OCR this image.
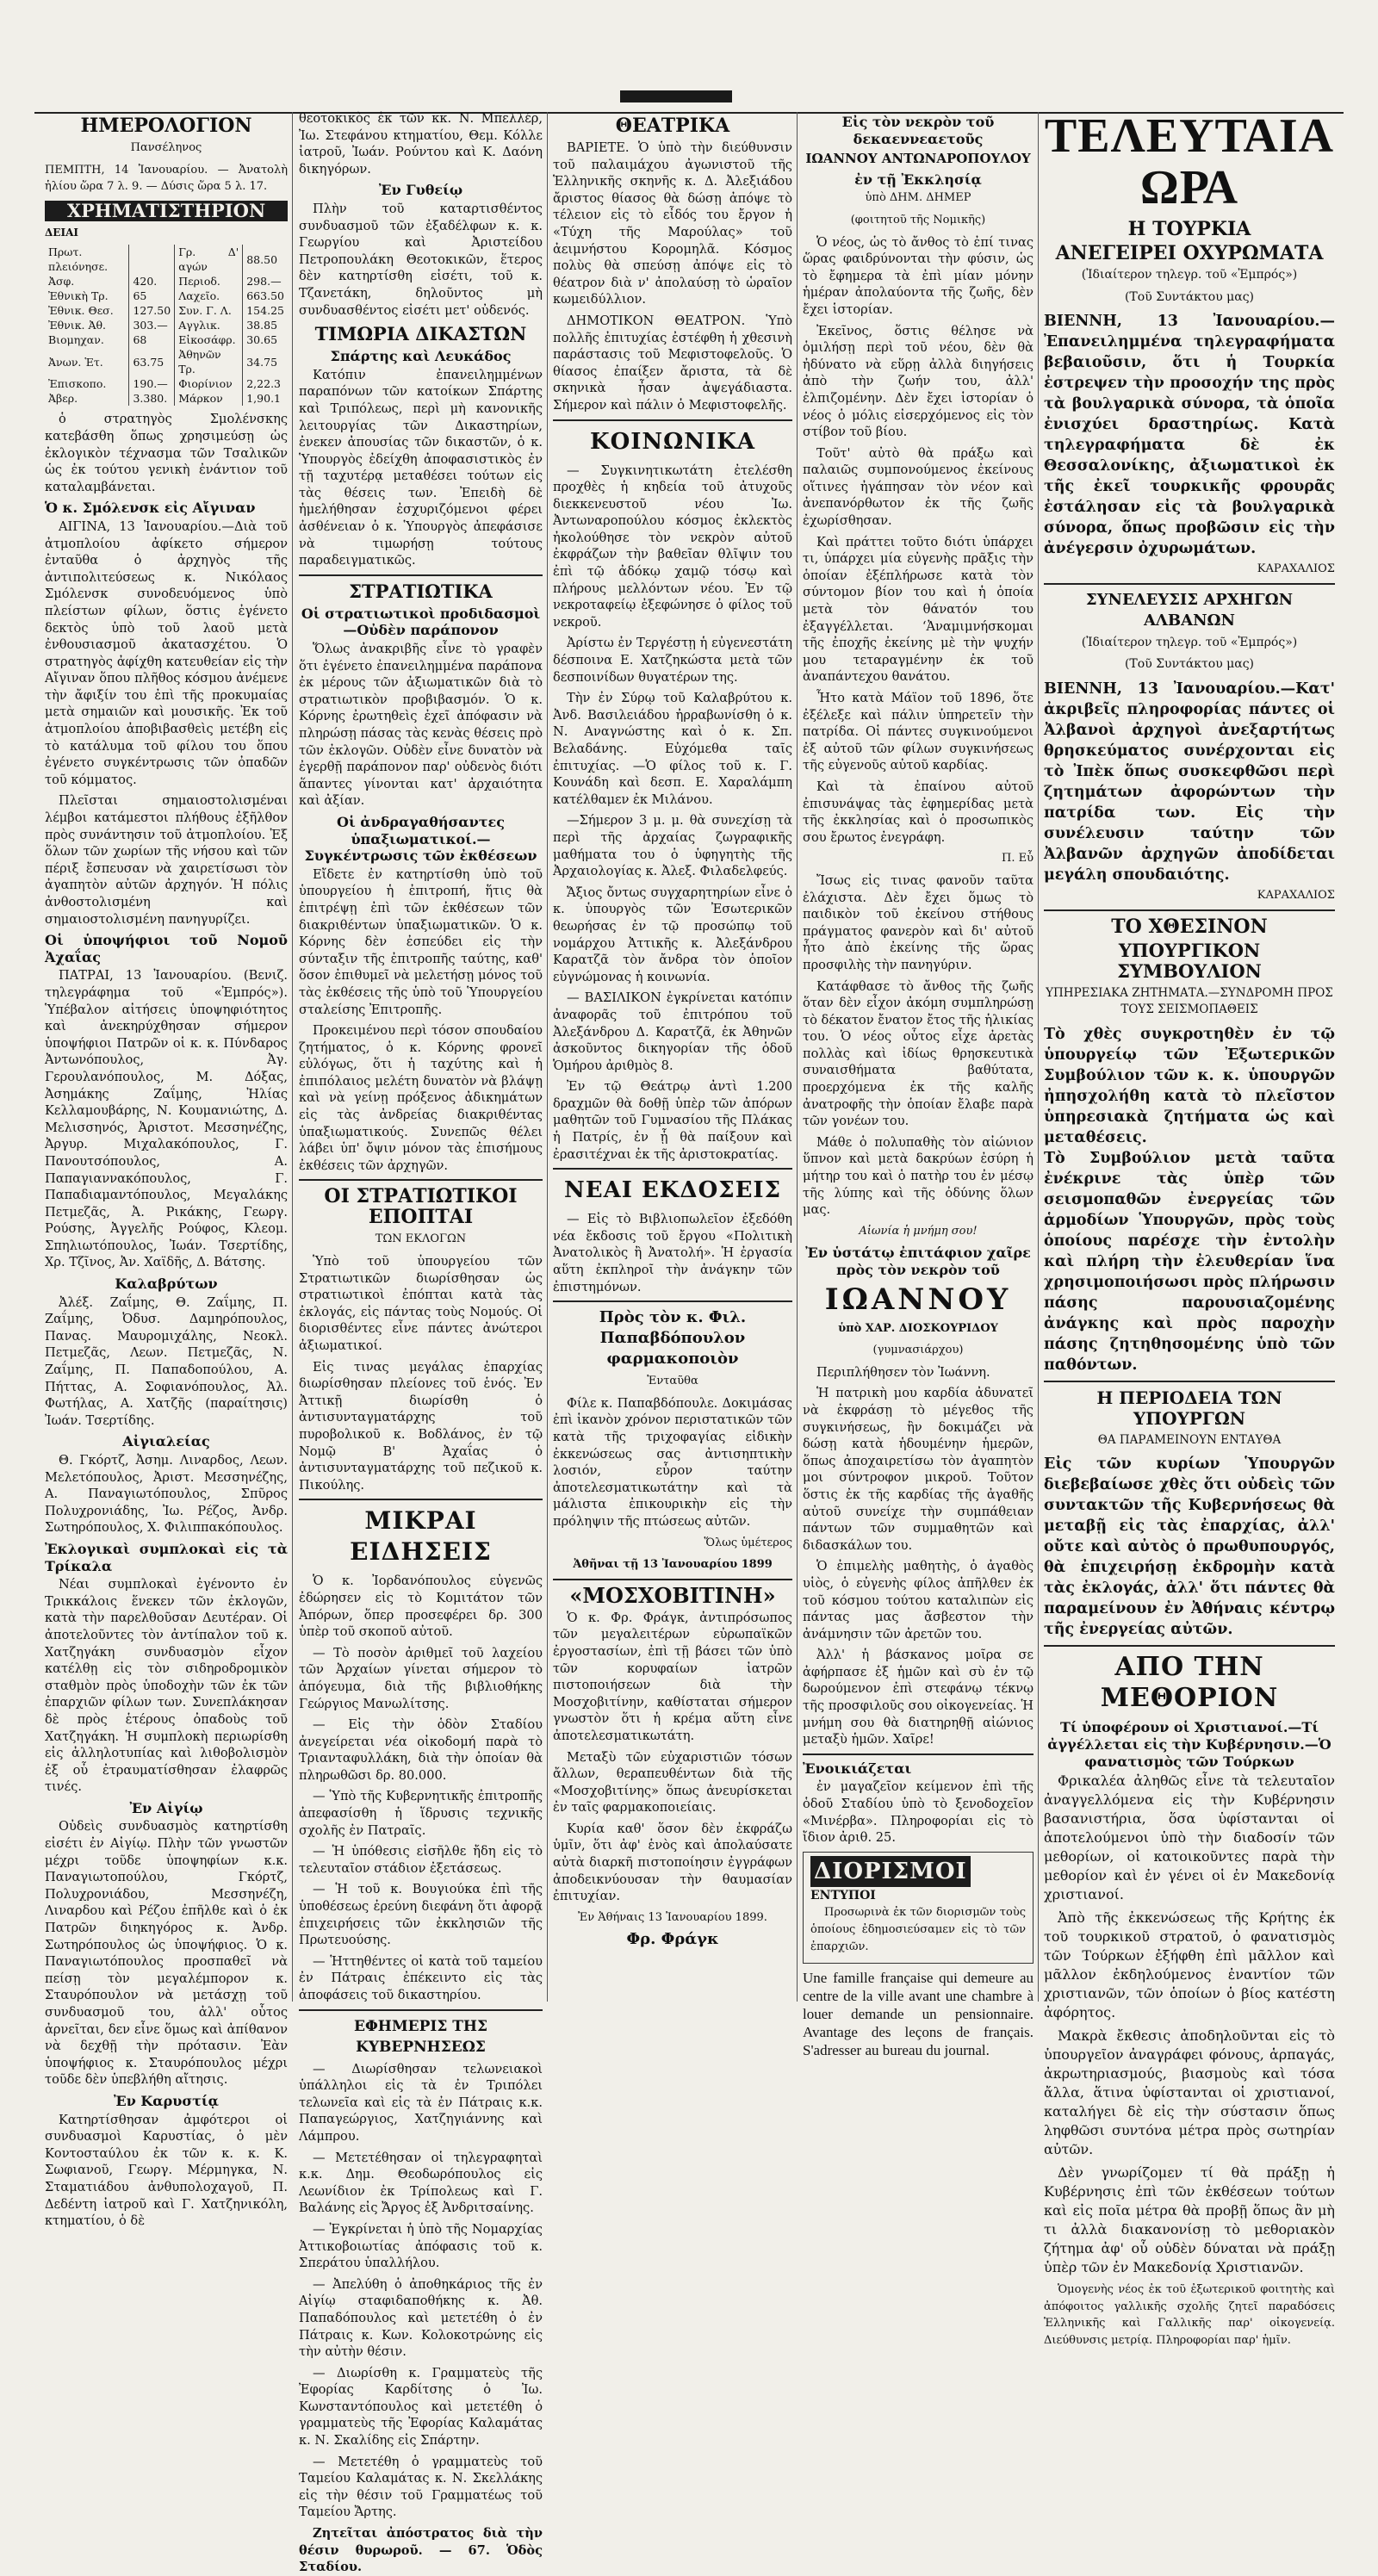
ΗΜΕΡΟΛΟΓΙΟΝ
Πανσέληνος
ΠΕΜΠΤΗ, 14 Ἰανουαρίου. — Ἀνατολὴ ἡλίου ὥρα 7 λ. 9. — Δύσις ὥρα 5 λ. 17.
ΧΡΗΜΑΤΙΣΤΗΡΙΟΝ
ΔΕΙΑΙ
Πρωτ. πλειόνησε.		Γρ. Δ' αγών	88.50
Ἀσφ.	420.	Περιοδ.	298.—
Ἐθνικὴ Τρ.	65	Λαχεῖο.	663.50
Ἐθνικ. Θεσ.	127.50	Συν. Γ. Λ.	154.25
Ἐθνικ. Ἀθ.	303.—	Αγγλικ.	38.85
Βιομηχαν.	68	Εἰκοσάφρ.	30.65
Ἀνων. Ἑτ.	63.75	Ἀθηνῶν Τρ.	34.75
Ἐπισκοπο.	190.—	Φιορίνιον	2,22.3
Ἀβερ.	3.380.	Μάρκον	1,90.1
ὁ στρατηγὸς Σμολένσκης κατεβάσθη ὅπως χρησιμεύσῃ ὡς ἐκλογικὸν τέχνασμα τῶν Τσαλικῶν ὡς ἐκ τούτου γενικὴ ἐνάντιον τοῦ καταλαμβάνεται.
Ὁ κ. Σμόλενσκ εἰς Αἴγιναν
ΑΙΓΙΝΑ, 13 Ἰανουαρίου.—Διὰ τοῦ ἀτμοπλοίου ἀφίκετο σήμερον ἐνταῦθα ὁ ἀρχηγὸς τῆς ἀντιπολιτεύσεως κ. Νικόλαος Σμόλενσκ συνοδευόμενος ὑπὸ πλείστων φίλων, ὅστις ἐγένετο δεκτὸς ὑπὸ τοῦ λαοῦ μετὰ ἐνθουσιασμοῦ ἀκατασχέτου. Ὁ στρατηγὸς ἀφίχθη κατευθείαν εἰς τὴν Αἴγιναν ὅπου πλῆθος κόσμου ἀνέμενε τὴν ἄφιξίν του ἐπὶ τῆς προκυμαίας μετὰ σημαιῶν καὶ μουσικῆς. Ἐκ τοῦ ἀτμοπλοίου ἀποβιβασθεὶς μετέβη εἰς τὸ κατάλυμα τοῦ φίλου του ὅπου ἐγένετο συγκέντρωσις τῶν ὀπαδῶν τοῦ κόμματος.
Πλεῖσται σημαιοστολισμέναι λέμβοι κατάμεστοι πλήθους ἐξῆλθον πρὸς συνάντησιν τοῦ ἀτμοπλοίου. Ἐξ ὅλων τῶν χωρίων τῆς νήσου καὶ τῶν πέριξ ἔσπευσαν νὰ χαιρετίσωσι τὸν ἀγαπητὸν αὐτῶν ἀρχηγόν. Ἡ πόλις ἀνθοστολισμένη καὶ σημαιοστολισμένη πανηγυρίζει.
Οἱ ὑποψήφιοι τοῦ Νομοῦ Ἀχαΐας
ΠΑΤΡΑΙ, 13 Ἰανουαρίου. (Βενιζ. τηλεγράφημα τοῦ «Ἐμπρός»). Ὑπέβαλον αἰτήσεις ὑποψηφιότητος καὶ ἀνεκηρύχθησαν σήμερον ὑποψήφιοι Πατρῶν οἱ κ. κ. Πύνδαρος Ἀντωνόπουλος, Ἀγ. Γερουλανόπουλος, Μ. Δόξας, Ἀσημάκης Ζαΐμης, Ἠλίας Κελλαμουβάρης, Ν. Κουμανιώτης, Δ. Μελισσηνός, Ἀριστοτ. Μεσσηνέζης, Ἀργυρ. Μιχαλακόπουλος, Γ. Πανουτσόπουλος, Α. Παπαγιαννακόπουλος, Γ. Παπαδιαμαντόπουλος, Μεγαλάκης Πετμεζᾶς, Ἀ. Ρικάκης, Γεωργ. Ρούσης, Ἀγγελῆς Ρούφος, Κλεομ. Σπηλιωτόπουλος, Ἰωάν. Τσερτίδης, Χρ. Τζῖνος, Ἀν. Χαϊδῆς, Δ. Βάτσης.
Καλαβρύτων
Ἀλέξ. Ζαΐμης, Θ. Ζαΐμης, Π. Ζαΐμης, Ὀδυσ. Δαμηρόπουλος, Πανας. Μαυρομιχάλης, Νεοκλ. Πετμεζᾶς, Λεων. Πετμεζᾶς, Ν. Ζαΐμης, Π. Παπαδοπούλου, Α. Πήττας, Α. Σοφιανόπουλος, Ἀλ. Φωτήλας, Α. Χατζῆς (παραίτησις) Ἰωάν. Τσερτίδης.
Αἰγιαλείας
Θ. Γκόρτζ, Ἀσημ. Λιναρδος, Λεων. Μελετόπουλος, Ἀριστ. Μεσσηνέζης, Α. Παναγιωτόπουλος, Σπῦρος Πολυχρονιάδης, Ἰω. Ρέζος, Ἀνδρ. Σωτηρόπουλος, Χ. Φιλιππακόπουλος.
Ἐκλογικαὶ συμπλοκαὶ εἰς τὰ Τρίκαλα
Νέαι συμπλοκαὶ ἐγένοντο ἐν Τρικκάλοις ἕνεκεν τῶν ἐκλογῶν, κατὰ τὴν παρελθοῦσαν Δευτέραν. Οἱ ἀποτελοῦντες τὸν ἀντίπαλον τοῦ κ. Χατζηγάκη συνδυασμὸν εἶχον κατέλθῃ εἰς τὸν σιδηροδρομικὸν σταθμὸν πρὸς ὑποδοχὴν τῶν ἐκ τῶν ἐπαρχιῶν φίλων των. Συνεπλάκησαν δὲ πρὸς ἑτέρους ὀπαδοὺς τοῦ Χατζηγάκη. Ἡ συμπλοκὴ περιωρίσθη εἰς ἀλληλοτυπίας καὶ λιθοβολισμὸν ἐξ οὗ ἐτραυματίσθησαν ἐλαφρῶς τινές.
Ἐν Αἰγίῳ
Οὐδεὶς συνδυασμὸς κατηρτίσθη εἰσέτι ἐν Αἰγίῳ. Πλὴν τῶν γνωστῶν μέχρι τοῦδε ὑποψηφίων κ.κ. Παναγιωτοπούλου, Γκόρτζ, Πολυχρονιάδου, Μεσσηνέζη, Λιναρδου καὶ Ρέζου ἐπῆλθε καὶ ὁ ἐκ Πατρῶν διηκηγόρος κ. Ἀνδρ. Σωτηρόπουλος ὡς ὑποψήφιος. Ὁ κ. Παναγιωτόπουλος προσπαθεῖ νὰ πείσῃ τὸν μεγαλέμπορον κ. Σταυρόπουλον νὰ μετάσχῃ τοῦ συνδυασμοῦ του, ἀλλ' οὗτος ἀρνεῖται, δεν εἶνε ὅμως καὶ ἀπίθανον νὰ δεχθῇ τὴν πρότασιν. Ἐὰν ὑποψήφιος κ. Σταυρόπουλος μέχρι τοῦδε δὲν ὑπεβλήθη αἴτησις.
Ἐν Καρυστίᾳ
Κατηρτίσθησαν ἀμφότεροι οἱ συνδυασμοὶ Καρυστίας, ὁ μὲν Κοντοσταύλου ἐκ τῶν κ. κ. Κ. Σωφιανοῦ, Γεωργ. Μέρμηγκα, Ν. Σταματιάδου ἀνθυπολοχαγοῦ, Π. Δεδέντη ἰατροῦ καὶ Γ. Χατζηνικόλη, κτηματίου, ὁ δὲ
θεοτοκικὸς ἐκ τῶν κκ. Ν. Μπελλέρ, Ἰω. Στεφάνου κτηματίου, Θεμ. Κόλλε ἰατροῦ, Ἰωάν. Ρούντου καὶ Κ. Δαόνη δικηγόρων.
Ἐν Γυθείῳ
Πλὴν τοῦ καταρτισθέντος συνδυασμοῦ τῶν ἐξαδέλφων κ. κ. Γεωργίου καὶ Ἀριστείδου Πετροπουλάκη Θεοτοκικῶν, ἕτερος δὲν κατηρτίσθη εἰσέτι, τοῦ κ. Τζανετάκη, δηλοῦντος μὴ συνδυασθέντος εἰσέτι μετ' οὐδενός.
ΤΙΜΩΡΙΑ ΔΙΚΑΣΤΩΝ
Σπάρτης καὶ Λευκάδος
Κατόπιν ἐπανειλημμένων παραπόνων τῶν κατοίκων Σπάρτης καὶ Τριπόλεως, περὶ μὴ κανονικῆς λειτουργίας τῶν Δικαστηρίων, ἐνεκεν ἀπουσίας τῶν δικαστῶν, ὁ κ. Ὑπουργὸς ἐδείχθη ἀποφασιστικὸς ἐν τῇ ταχυτέρᾳ μεταθέσει τούτων εἰς τὰς θέσεις των. Ἐπειδὴ δὲ ἠμελήθησαν ἐσχυριζόμενοι φέρει ἀσθένειαν ὁ κ. Ὑπουργὸς ἀπεφάσισε νὰ τιμωρήσῃ τούτους παραδειγματικῶς.
ΣΤΡΑΤΙΩΤΙΚΑ
Οἱ στρατιωτικοὶ προδιδασμοὶ —Οὐδὲν παράπονον
Ὅλως ἀνακριβῆς εἶνε τὸ γραφὲν ὅτι ἐγένετο ἐπανειλημμένα παράπονα ἐκ μέρους τῶν ἀξιωματικῶν διὰ τὸ στρατιωτικὸν προβιβασμόν. Ὁ κ. Κόρνης ἐρωτηθεὶς ἐχεῖ ἀπόφασιν νὰ πληρώσῃ πάσας τὰς κενὰς θέσεις πρὸ τῶν ἐκλογῶν. Οὐδὲν εἶνε δυνατὸν νὰ ἐγερθῇ παράπονον παρ' οὐδενὸς διότι ἅπαντες γίνονται κατ' ἀρχαιότητα καὶ ἀξίαν.
Οἱ ἀνδραγαθήσαντες ὑπαξιωματικοί.—Συγκέντρωσις τῶν ἐκθέσεων
Εἴδετε ἐν κατηρτίσθη ὑπὸ τοῦ ὑπουργείου ἡ ἐπιτροπή, ἥτις θὰ ἐπιτρέψῃ ἐπὶ τῶν ἐκθέσεων τῶν διακριθέντων ὑπαξιωματικῶν. Ὁ κ. Κόρνης δὲν ἐσπεύδει εἰς τὴν σύνταξιν τῆς ἐπιτροπῆς ταύτης, καθ' ὅσον ἐπιθυμεῖ νὰ μελετήσῃ μόνος τοῦ τὰς ἐκθέσεις τῆς ὑπὸ τοῦ Ὑπουργείου σταλείσης Ἐπιτροπῆς.
Προκειμένου περὶ τόσον σπουδαίου ζητήματος, ὁ κ. Κόρνης φρονεῖ εὐλόγως, ὅτι ἡ ταχύτης καὶ ἡ ἐπιπόλαιος μελέτη δυνατὸν νὰ βλάψῃ καὶ νὰ γείνῃ πρόξενος ἀδικημάτων εἰς τὰς ἀνδρείας διακριθέντας ὑπαξιωματικούς. Συνεπῶς θέλει λάβει ὑπ' ὄψιν μόνον τὰς ἐπισήμους ἐκθέσεις τῶν ἀρχηγῶν.
ΟΙ ΣΤΡΑΤΙΩΤΙΚΟΙ ΕΠΟΠΤΑΙ
ΤΩΝ ΕΚΛΟΓΩΝ
Ὑπὸ τοῦ ὑπουργείου τῶν Στρατιωτικῶν διωρίσθησαν ὡς στρατιωτικοὶ ἐπόπται κατὰ τὰς ἐκλογάς, εἰς πάντας τοὺς Νομούς. Οἱ διορισθέντες εἶνε πάντες ἀνώτεροι ἀξιωματικοί.
Εἰς τινας μεγάλας ἐπαρχίας διωρίσθησαν πλείονες τοῦ ἑνός. Ἐν Ἀττικῇ διωρίσθη ὁ ἀντισυνταγματάρχης τοῦ πυροβολικοῦ κ. Βοδλάνος, ἐν τῷ Νομῷ Β' Ἀχαΐας ὁ ἀντισυνταγματάρχης τοῦ πεζικοῦ κ. Πικούλης.
ΜΙΚΡΑΙ ΕΙΔΗΣΕΙΣ
Ὁ κ. Ἰορδανόπουλος εὐγενῶς ἐδώρησεν εἰς τὸ Κομιτάτον τῶν Ἀπόρων, ὅπερ προσεφέρει δρ. 300 ὑπὲρ τοῦ σκοποῦ αὐτοῦ.
— Τὸ ποσὸν ἀριθμεῖ τοῦ λαχείου τῶν Ἀρχαίων γίνεται σήμερον τὸ ἀπόγευμα, διὰ τῆς βιβλιοθήκης Γεώργιος Μανωλίτσης.
— Εἰς τὴν ὁδὸν Σταδίου ἀνεγείρεται νέα οἰκοδομή παρὰ τὸ Τριανταφυλλάκη, διὰ τὴν ὁποίαν θὰ πληρωθῶσι δρ. 80.000.
— Ὑπὸ τῆς Κυβερνητικῆς ἐπιτροπῆς ἀπεφασίσθη ἡ ἵδρυσις τεχνικῆς σχολῆς ἐν Πατραῖς.
— Ἡ ὑπόθεσις εἰσῆλθε ἤδη εἰς τὸ τελευταῖον στάδιον ἐξετάσεως.
— Ἡ τοῦ κ. Βουγιούκα ἐπὶ τῆς ὑποθέσεως ἐρεύνη διεφάνη ὅτι ἀφορᾷ ἐπιχειρήσεις τῶν ἐκκλησιῶν τῆς Πρωτευούσης.
— Ἡττηθέντες οἱ κατὰ τοῦ ταμείου ἐν Πάτραις ἐπέκειντο εἰς τὰς ἀποφάσεις τοῦ δικαστηρίου.
ΕΦΗΜΕΡΙΣ ΤΗΣ ΚΥΒΕΡΝΗΣΕΩΣ
— Διωρίσθησαν τελωνειακοὶ ὑπάλληλοι εἰς τὰ ἐν Τριπόλει τελωνεῖα καὶ εἰς τὰ ἐν Πάτραις κ.κ. Παπαγεώργιος, Χατζηγιάννης καὶ Λάμπρου.
— Μετετέθησαν οἱ τηλεγραφηταὶ κ.κ. Δημ. Θεοδωρόπουλος εἰς Λεωνίδιον ἐκ Τρίπολεως καὶ Γ. Βαλάνης εἰς Ἄργος ἐξ Ἀνδριτσαίνης.
— Ἐγκρίνεται ἡ ὑπὸ τῆς Νομαρχίας Ἀττικοβοιωτίας ἀπόφασις τοῦ κ. Σπεράτου ὑπαλλήλου.
— Ἀπελύθη ὁ ἀποθηκάριος τῆς ἐν Αἰγίῳ σταφιδαποθήκης κ. Ἀθ. Παπαδόπουλος καὶ μετετέθη ὁ ἐν Πάτραις κ. Κων. Κολοκοτρώνης εἰς τὴν αὐτὴν θέσιν.
— Διωρίσθη κ. Γραμματεὺς τῆς Ἐφορίας Καρδίτσης ὁ Ἰω. Κωνσταντόπουλος καὶ μετετέθη ὁ γραμματεὺς τῆς Ἐφορίας Καλαμάτας κ. Ν. Σκαλίδης εἰς Σπάρτην.
— Μετετέθη ὁ γραμματεὺς τοῦ Ταμείου Καλαμάτας κ. Ν. Σκελλάκης εἰς τὴν θέσιν τοῦ Γραμματέως τοῦ Ταμείου Ἄρτης.
Ζητεῖται ἀπόστρατος διὰ τὴν θέσιν θυρωροῦ. — 67. Ὁδὸς Σταδίου.
ΘΕΑΤΡΙΚΑ
ΒΑΡΙΕΤΕ. Ὁ ὑπὸ τὴν διεύθυνσιν τοῦ παλαιμάχου ἀγωνιστοῦ τῆς Ἑλληνικῆς σκηνῆς κ. Δ. Ἀλεξιάδου ἄριστος θίασος θὰ δώσῃ ἀπόψε τὸ τέλειον εἰς τὸ εἶδός του ἔργον ἡ «Τύχη τῆς Μαρούλας» τοῦ ἀειμνήστου Κορομηλᾶ. Κόσμος πολὺς θὰ σπεύσῃ ἀπόψε εἰς τὸ θέατρον διὰ ν' ἀπολαύσῃ τὸ ὡραῖον κωμειδύλλιον.
ΔΗΜΟΤΙΚΟΝ ΘΕΑΤΡΟΝ. Ὑπὸ πολλῆς ἐπιτυχίας ἐστέφθη ἡ χθεσινὴ παράστασις τοῦ Μεφιστοφελοῦς. Ὁ θίασος ἐπαίξεν ἄριστα, τὰ δὲ σκηνικὰ ἦσαν ἀψεγάδιαστα. Σήμερον καὶ πάλιν ὁ Μεφιστοφελῆς.
ΚΟΙΝΩΝΙΚΑ
— Συγκινητικωτάτη ἐτελέσθη προχθὲς ἡ κηδεία τοῦ ἀτυχοῦς διεκκενευστοῦ νέου Ἰω. Ἀντωναροπούλου κόσμος ἐκλεκτὸς ἠκολούθησε τὸν νεκρὸν αὐτοῦ ἐκφράζων τὴν βαθεῖαν θλῖψιν του ἐπὶ τῷ ἀδόκῳ χαμῷ τόσῳ καὶ πλήρους μελλόντων νέου. Ἐν τῷ νεκροταφείῳ ἐξεφώνησε ὁ φίλος τοῦ νεκροῦ.
Ἀρίστω ἐν Τεργέστῃ ἡ εὐγενεστάτη δέσποινα Ε. Χατζηκώστα μετὰ τῶν δεσποινίδων θυγατέρων της.
Τὴν ἐν Σύρῳ τοῦ Καλαβρύτου κ. Ἀνδ. Βασιλειάδου ἠρραβωνίσθη ὁ κ. Ν. Αναγνώστης καὶ ὁ κ. Σπ. Βελαδάνης. Εὐχόμεθα ταῖς ἐπιτυχίας. —Ὁ φίλος τοῦ κ. Γ. Κουνάδη καὶ δεσπ. Ε. Χαραλάμπη κατέλθαμεν ἐκ Μιλάνου.
—Σήμερον 3 μ. μ. θὰ συνεχίσῃ τὰ περὶ τῆς ἀρχαίας ζωγραφικῆς μαθήματα του ὁ ὑφηγητὴς τῆς Ἀρχαιολογίας κ. Ἀλεξ. Φιλαδελφεύς.
Ἄξιος ὄντως συγχαρητηρίων εἶνε ὁ κ. ὑπουργὸς τῶν Ἐσωτερικῶν θεωρήσας ἐν τῷ προσώπῳ τοῦ νομάρχου Ἀττικῆς κ. Ἀλεξάνδρου Καρατζᾶ τὸν ἄνδρα τὸν ὁποῖον εὐγνώμονας ἡ κοινωνία.
— ΒΑΣΙΛΙΚΟΝ ἐγκρίνεται κατόπιν ἀναφορᾶς τοῦ ἐπιτρόπου τοῦ Ἀλεξάνδρου Δ. Καρατζᾶ, ἐκ Ἀθηνῶν ἀσκοῦντος δικηγορίαν τῆς ὁδοῦ Ὁμήρου ἀριθμὸς 8.
Ἐν τῷ Θεάτρῳ ἀντὶ 1.200 δραχμῶν θὰ δοθῇ ὑπὲρ τῶν ἀπόρων μαθητῶν τοῦ Γυμνασίου τῆς Πλάκας ἡ Πατρίς, ἐν ᾗ θὰ παίξουν καὶ ἐρασιτέχναι ἐκ τῆς ἀριστοκρατίας.
ΝΕΑΙ ΕΚΔΟΣΕΙΣ
— Εἰς τὸ Βιβλιοπωλεῖον ἐξεδόθη νέα ἔκδοσις τοῦ ἔργου «Πολιτικὴ Ἀνατολικὸς ἢ Ἀνατολή». Ἡ ἐργασία αὕτη ἐκπληροῖ τὴν ἀνάγκην τῶν ἐπιστημόνων.
Πρὸς τὸν κ. Φιλ. Παπαβδόπουλον φαρμακοποιὸν
Ἐνταῦθα
Φίλε κ. Παπαβδόπουλε. Δοκιμάσας ἐπὶ ἱκανὸν χρόνον περιστατικῶν τῶν κατὰ τῆς τριχοφαγίας εἰδικὴν ἐκκενώσεως σας ἀντισηπτικὴν λοσιόν, εὗρον ταύτην ἀποτελεσματικωτάτην καὶ τὰ μάλιστα ἐπικουρικὴν εἰς τὴν πρόληψιν τῆς πτώσεως αὐτῶν.
Ὅλως ὑμέτερος
Ἀθῆναι τῇ 13 Ἰανουαρίου 1899
«ΜΟΣΧΟΒΙΤΙΝΗ»
Ὁ κ. Φρ. Φράγκ, ἀντιπρόσωπος τῶν μεγαλειτέρων εὐρωπαϊκῶν ἐργοστασίων, ἐπὶ τῇ βάσει τῶν ὑπὸ τῶν κορυφαίων ἰατρῶν πιστοποιήσεων διὰ τὴν Μοσχοβιτίνην, καθίσταται σήμερον γνωστὸν ὅτι ἡ κρέμα αὕτη εἶνε ἀποτελεσματικωτάτη.
Μεταξὺ τῶν εὐχαριστιῶν τόσων ἄλλων, θεραπευθέντων διὰ τῆς «Μοσχοβιτίνης» ὅπως ἀνευρίσκεται ἐν ταῖς φαρμακοποιείαις.
Κυρία καθ' ὅσον δὲν ἐκφράζω ὑμῖν, ὅτι ἀφ' ἑνὸς καὶ ἀπολαύσατε αὐτὰ διαρκῆ πιστοποίησιν ἐγγράφων ἀποδεικνύουσαν τὴν θαυμασίαν ἐπιτυχίαν.
Ἐν Ἀθήναις 13 Ἰανουαρίου 1899.
Φρ. Φράγκ
Εἰς τὸν νεκρὸν τοῦ δεκαεννεαετοῦς
ΙΩΑΝΝΟΥ ΑΝΤΩΝΑΡΟΠΟΥΛΟΥ
ἐν τῇ Ἐκκλησίᾳ
ὑπὸ ΔΗΜ. ΔΗΜΕΡ
(φοιτητοῦ τῆς Νομικῆς)
Ὁ νέος, ὡς τὸ ἄνθος τὸ ἐπί τινας ὥρας φαιδρύνονται τὴν φύσιν, ὡς τὸ ἔφημερα τὰ ἐπὶ μίαν μόνην ἡμέραν ἀπολαύοντα τῆς ζωῆς, δὲν ἔχει ἱστορίαν.
Ἐκεῖνος, ὅστις θέλησε νὰ ὁμιλήσῃ περὶ τοῦ νέου, δὲν θὰ ἠδύνατο νὰ εὕρῃ ἀλλὰ διηγήσεις ἀπὸ τὴν ζωήν του, ἀλλ' ἐλπιζομένην. Δὲν ἔχει ἱστορίαν ὁ νέος ὁ μόλις εἰσερχόμενος εἰς τὸν στίβον τοῦ βίου.
Τοῦτ' αὐτὸ θὰ πράξω καὶ παλαιῶς συμπονούμενος ἐκείνους οἵτινες ἠγάπησαν τὸν νέον καὶ ἀνεπανόρθωτον ἐκ τῆς ζωῆς ἐχωρίσθησαν.
Καὶ πράττει τοῦτο διότι ὑπάρχει τι, ὑπάρχει μία εὐγενὴς πρᾶξις τὴν ὁποίαν ἐξέπλήρωσε κατὰ τὸν σύντομον βίον του καὶ ἡ ὁποία μετὰ τὸν θάνατόν του ἐξαγγέλλεται. ‘Ἀναμιμνήσκομαι τῆς ἐποχῆς ἐκείνης μὲ τὴν ψυχήν μου τεταραγμένην ἐκ τοῦ ἀναπάντεχου θανάτου.
Ἦτο κατὰ Μάϊον τοῦ 1896, ὅτε ἐξέλεξε καὶ πάλιν ὑπηρετεῖν τὴν πατρίδα. Οἱ πάντες συγκινούμενοι ἐξ αὐτοῦ τῶν φίλων συγκινήσεως τῆς εὐγενοῦς αὐτοῦ καρδίας.
Καὶ τὰ ἐπαίνου αὐτοῦ ἐπισυνάψας τὰς ἐφημερίδας μετὰ τῆς ἐκκλησίας καὶ ὁ προσωπικὸς σου ἔρωτος ἐνεγράφη.
Π. Εὖ
Ἴσως εἰς τινας φανοῦν ταῦτα ἐλάχιστα. Δὲν ἔχει ὅμως τὸ παιδικὸν τοῦ ἐκείνου στήθους πράγματος φανερὸν καὶ δι' αὐτοῦ ἦτο ἀπὸ ἐκείνης τῆς ὥρας προσφιλὴς τὴν πανηγύριν.
Κατάφθασε τὸ ἄνθος τῆς ζωῆς ὅταν δὲν εἶχον ἀκόμη συμπληρώσῃ τὸ δέκατον ἔνατον ἔτος τῆς ἡλικίας του. Ὁ νέος οὗτος εἶχε ἀρετὰς πολλὰς καὶ ἰδίως θρησκευτικὰ συναισθήματα βαθύτατα, προερχόμενα ἐκ τῆς καλῆς ἀνατροφῆς τὴν ὁποίαν ἔλαβε παρὰ τῶν γονέων του.
Μάθε ὁ πολυπαθὴς τὸν αἰώνιον ὕπνον καὶ μετὰ δακρύων ἐσύρη ἡ μήτηρ του καὶ ὁ πατὴρ του ἐν μέσῳ τῆς λύπης καὶ τῆς ὀδύνης ὅλων μας.
Αἰωνία ἡ μνήμη σου!
Ἐν ὑστάτῳ ἐπιτάφιον χαῖρε πρὸς τὸν νεκρὸν τοῦ
ΙΩΑΝΝΟΥ
ὑπὸ ΧΑΡ. ΔΙΟΣΚΟΥΡΙΔΟΥ
(γυμνασιάρχου)
Περιπλήθησεν τὸν Ἰωάννη.
Ἡ πατρικὴ μου καρδία ἀδυνατεῖ νὰ ἐκφράσῃ τὸ μέγεθος τῆς συγκινήσεως, ἢν δοκιμάζει νὰ δώσῃ κατὰ ἡδουμένην ἡμερῶν, ὅπως ἀποχαιρετίσω τὸν ἀγαπητὸν μοι σύντροφον μικροῦ. Τοῦτον ὅστις ἐκ τῆς καρδίας τῆς ἀγαθῆς αὐτοῦ συνείχε τὴν συμπάθειαν πάντων τῶν συμμαθητῶν καὶ διδασκάλων του.
Ὁ ἐπιμελὴς μαθητὴς, ὁ ἀγαθὸς υἱὸς, ὁ εὐγενὴς φίλος ἀπῆλθεν ἐκ τοῦ κόσμου τούτου καταλιπὼν εἰς πάντας μας ἄσβεστον τὴν ἀνάμνησιν τῶν ἀρετῶν του.
Ἀλλ' ἡ βάσκανος μοῖρα σε ἀφήρπασε ἐξ ἡμῶν καὶ σὺ ἐν τῷ δωρούμενον ἐπὶ στεφάνῳ τέκνῳ τῆς προσφιλοῦς σου οἰκογενείας. Ἡ μνήμη σου θὰ διατηρηθῇ αἰώνιος μεταξὺ ἡμῶν. Χαῖρε!
Ἐνοικιάζεται
ἐν μαγαζεῖον κείμενον ἐπὶ τῆς ὁδοῦ Σταδίου ὑπὸ τὸ ξενοδοχεῖον «Μινέρβα». Πληροφορίαι εἰς τὸ ἴδιον ἀριθ. 25.
ΔΙΟΡΙΣΜΟΙ ΕΝΤΥΠΟΙ
Προσωρινὰ ἐκ τῶν διορισμῶν τοὺς ὁποίους ἐδημοσιεύσαμεν εἰς τὸ τῶν ἐπαρχιῶν.
Une famille française qui demeure au centre de la ville avant une chambre à louer demande un pensionnaire. Avantage des leçons de français. S'adresser au bureau du journal.
ΤΕΛΕΥΤΑΙΑ ΩΡΑ
Η ΤΟΥΡΚΙΑ
ΑΝΕΓΕΙΡΕΙ ΟΧΥΡΩΜΑΤΑ
(Ἰδιαίτερον τηλεγρ. τοῦ «Ἐμπρός»)
(Τοῦ Συντάκτου μας)
ΒΙΕΝΝΗ, 13 Ἰανουαρίου.—Ἐπανειλημμένα τηλεγραφήματα βεβαιοῦσιν, ὅτι ἡ Τουρκία ἐστρεψεν τὴν προσοχήν της πρὸς τὰ βουλγαρικὰ σύνορα, τὰ ὁποῖα ἐνισχύει δραστηρίως. Κατὰ τηλεγραφήματα δὲ ἐκ Θεσσαλονίκης, ἀξιωματικοὶ ἐκ τῆς ἐκεῖ τουρκικῆς φρουρᾶς ἐστάλησαν εἰς τὰ βουλγαρικὰ σύνορα, ὅπως προβῶσιν εἰς τὴν ἀνέγερσιν ὀχυρωμάτων.
ΚΑΡΑΧΑΛΙΟΣ
ΣΥΝΕΛΕΥΣΙΣ ΑΡΧΗΓΩΝ ΑΛΒΑΝΩΝ
(Ἰδιαίτερον τηλεγρ. τοῦ «Ἐμπρός»)
(Τοῦ Συντάκτου μας)
ΒΙΕΝΝΗ, 13 Ἰανουαρίου.—Κατ' ἀκριβεῖς πληροφορίας πάντες οἱ Ἀλβανοὶ ἀρχηγοὶ ἀνεξαρτήτως θρησκεύματος συνέρχονται εἰς τὸ Ἰπὲκ ὅπως συσκεφθῶσι περὶ ζητημάτων ἀφορώντων τὴν πατρίδα των. Εἰς τὴν συνέλευσιν ταύτην τῶν Ἀλβανῶν ἀρχηγῶν ἀποδίδεται μεγάλη σπουδαιότης.
ΚΑΡΑΧΑΛΙΟΣ
ΤΟ ΧΘΕΣΙΝΟΝ
ΥΠΟΥΡΓΙΚΟΝ ΣΥΜΒΟΥΛΙΟΝ
ΥΠΗΡΕΣΙΑΚΑ ΖΗΤΗΜΑΤΑ.—ΣΥΝΔΡΟΜΗ ΠΡΟΣ ΤΟΥΣ ΣΕΙΣΜΟΠΑΘΕΙΣ
Τὸ χθὲς συγκροτηθὲν ἐν τῷ ὑπουργείῳ τῶν Ἐξωτερικῶν Συμβούλιον τῶν κ. κ. ὑπουργῶν ἠπησχολήθη κατὰ τὸ πλεῖστον ὑπηρεσιακὰ ζητήματα ὡς καὶ μεταθέσεις.
Τὸ Συμβούλιον μετὰ ταῦτα ἐνέκρινε τὰς ὑπὲρ τῶν σεισμοπαθῶν ἐνεργείας τῶν ἁρμοδίων Ὑπουργῶν, πρὸς τοὺς ὁποίους παρέσχε τὴν ἐντολὴν καὶ πλήρη τὴν ἐλευθερίαν ἵνα χρησιμοποιήσωσι πρὸς πλήρωσιν πάσης παρουσιαζομένης ἀνάγκης καὶ πρὸς παροχὴν πάσης ζητηθησομένης ὑπὸ τῶν παθόντων.
Η ΠΕΡΙΟΔΕΙΑ ΤΩΝ ΥΠΟΥΡΓΩΝ
ΘΑ ΠΑΡΑΜΕΙΝΟΥΝ ΕΝΤΑΥΘΑ
Εἰς τῶν κυρίων Ὑπουργῶν διεβεβαίωσε χθὲς ὅτι οὐδεὶς τῶν συντακτῶν τῆς Κυβερνήσεως θὰ μεταβῇ εἰς τὰς ἐπαρχίας, ἀλλ' οὔτε καὶ αὐτὸς ὁ πρωθυπουργός, θὰ ἐπιχειρήσῃ ἐκδρομὴν κατὰ τὰς ἐκλογάς, ἀλλ' ὅτι πάντες θὰ παραμείνουν ἐν Ἀθήναις κέντρῳ τῆς ἐνεργείας αὐτῶν.
ΑΠΟ ΤΗΝ ΜΕΘΟΡΙΟΝ
Τί ὑποφέρουν οἱ Χριστιανοί.—Τί ἀγγέλλεται εἰς τὴν Κυβέρνησιν.—Ὁ φανατισμὸς τῶν Τούρκων
Φρικαλέα ἀληθῶς εἶνε τὰ τελευταῖον ἀναγγελλόμενα εἰς τὴν Κυβέρνησιν βασανιστήρια, ὅσα ὑφίστανται οἱ ἀποτελούμενοι ὑπὸ τὴν διαδοσίν τῶν μεθορίων, οἱ κατοικοῦντες παρὰ τὴν μεθορίον καὶ ἐν γένει οἱ ἐν Μακεδονίᾳ χριστιανοί.
Ἀπὸ τῆς ἐκκενώσεως τῆς Κρήτης ἐκ τοῦ τουρκικοῦ στρατοῦ, ὁ φανατισμὸς τῶν Τούρκων ἐξήφθη ἐπὶ μᾶλλον καὶ μᾶλλον ἐκδηλούμενος ἐναντίον τῶν χριστιανῶν, τῶν ὁποίων ὁ βίος κατέστη ἀφόρητος.
Μακρὰ ἔκθεσις ἀποδηλοῦνται εἰς τὸ ὑπουργεῖον ἀναγράφει φόνους, ἁρπαγάς, ἀκρωτηριασμούς, βιασμοὺς καὶ τόσα ἄλλα, ἅτινα ὑφίστανται οἱ χριστιανοί, καταλήγει δὲ εἰς τὴν σύστασιν ὅπως ληφθῶσι συντόνα μέτρα πρὸς σωτηρίαν αὐτῶν.
Δὲν γνωρίζομεν τί θὰ πράξῃ ἡ Κυβέρνησις ἐπὶ τῶν ἐκθέσεων τούτων καὶ εἰς ποῖα μέτρα θὰ προβῇ ὅπως ἂν μὴ τι ἀλλὰ διακανονίσῃ τὸ μεθοριακὸν ζήτημα ἀφ' οὗ οὐδὲν δύναται νὰ πράξῃ ὑπὲρ τῶν ἐν Μακεδονίᾳ Χριστιανῶν.
Ὁμογενὴς νέος ἐκ τοῦ ἐξωτερικοῦ φοιτητὴς καὶ ἀπόφοιτος γαλλικῆς σχολῆς ζητεῖ παραδόσεις Ἑλληνικῆς καὶ Γαλλικῆς παρ' οἰκογενείᾳ. Διεύθυνσις μετρίᾳ. Πληροφορίαι παρ' ἡμῖν.
